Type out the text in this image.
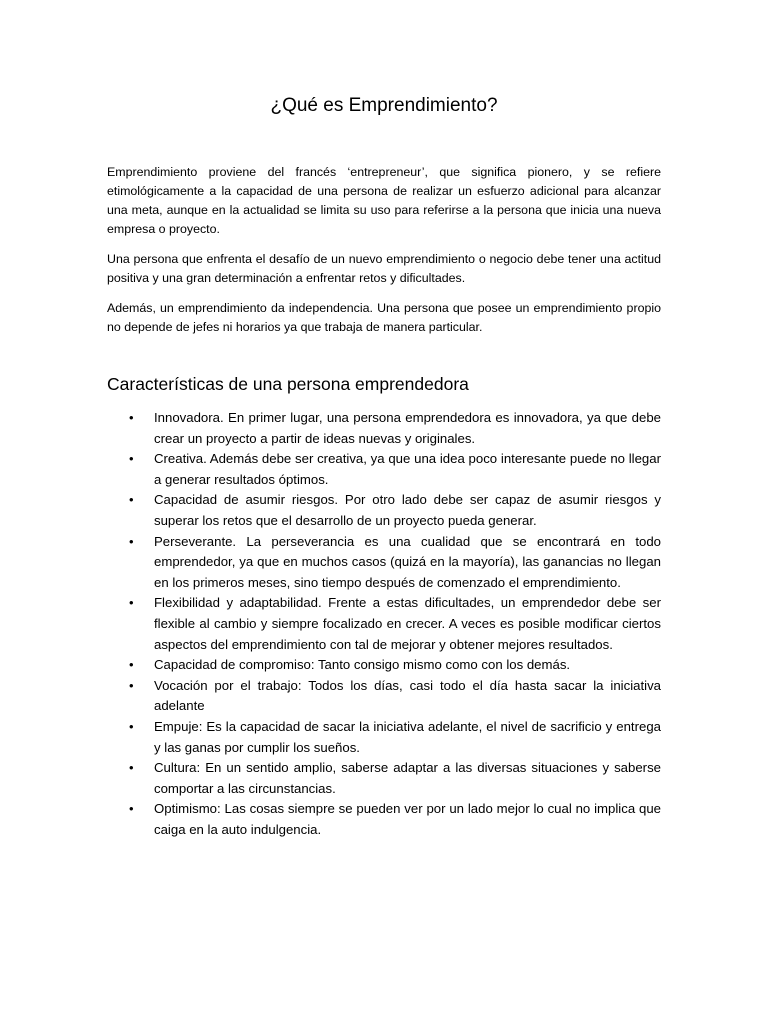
¿Qué es Emprendimiento?

Emprendimiento proviene del francés ‘entrepreneur’, que significa pionero, y se refiere etimológicamente a la capacidad de una persona de realizar un esfuerzo adicional para alcanzar una meta, aunque en la actualidad se limita su uso para referirse a la persona que inicia una nueva empresa o proyecto.

Una persona que enfrenta el desafío de un nuevo emprendimiento o negocio debe tener una actitud positiva y una gran determinación a enfrentar retos y dificultades.

Además, un emprendimiento da independencia. Una persona que posee un emprendimiento propio no depende de jefes ni horarios ya que trabaja de manera particular.

Características de una persona emprendedora
• Innovadora. En primer lugar, una persona emprendedora es innovadora, ya que debe crear un proyecto a partir de ideas nuevas y originales.
• Creativa. Además debe ser creativa, ya que una idea poco interesante puede no llegar a generar resultados óptimos.
• Capacidad de asumir riesgos. Por otro lado debe ser capaz de asumir riesgos y superar los retos que el desarrollo de un proyecto pueda generar.
• Perseverante. La perseverancia es una cualidad que se encontrará en todo emprendedor, ya que en muchos casos (quizá en la mayoría), las ganancias no llegan en los primeros meses, sino tiempo después de comenzado el emprendimiento.
• Flexibilidad y adaptabilidad. Frente a estas dificultades, un emprendedor debe ser flexible al cambio y siempre focalizado en crecer. A veces es posible modificar ciertos aspectos del emprendimiento con tal de mejorar y obtener mejores resultados.
• Capacidad de compromiso: Tanto consigo mismo como con los demás.
• Vocación por el trabajo: Todos los días, casi todo el día hasta sacar la iniciativa adelante
• Empuje: Es la capacidad de sacar la iniciativa adelante, el nivel de sacrificio y entrega y las ganas por cumplir los sueños.
• Cultura: En un sentido amplio, saberse adaptar a las diversas situaciones y saberse comportar a las circunstancias.
• Optimismo: Las cosas siempre se pueden ver por un lado mejor lo cual no implica que caiga en la auto indulgencia.
